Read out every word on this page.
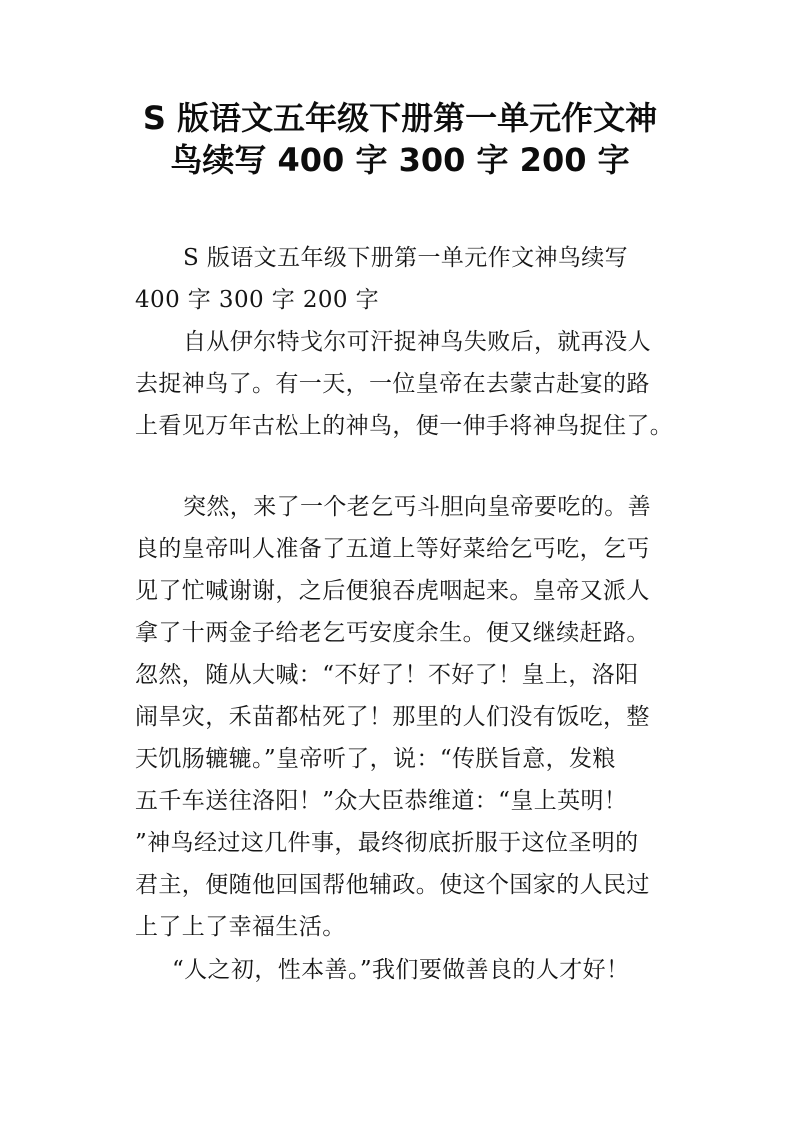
S 版语文五年级下册第一单元作文神
鸟续写 400 字 300 字 200 字
S 版语文五年级下册第一单元作文神鸟续写
400 字 300 字 200 字
自从伊尔特戈尔可汗捉神鸟失败后，就再没人
去捉神鸟了。有一天，一位皇帝在去蒙古赴宴的路
上看见万年古松上的神鸟，便一伸手将神鸟捉住了。
突然，来了一个老乞丐斗胆向皇帝要吃的。善
良的皇帝叫人准备了五道上等好菜给乞丐吃，乞丐
见了忙喊谢谢，之后便狼吞虎咽起来。皇帝又派人
拿了十两金子给老乞丐安度余生。便又继续赶路。
忽然，随从大喊：“不好了！不好了！皇上，洛阳
闹旱灾，禾苗都枯死了！那里的人们没有饭吃，整
天饥肠辘辘。”皇帝听了，说：“传朕旨意，发粮
五千车送往洛阳！”众大臣恭维道：“皇上英明！
”神鸟经过这几件事，最终彻底折服于这位圣明的
君主，便随他回国帮他辅政。使这个国家的人民过
上了上了幸福生活。
“人之初，性本善。”我们要做善良的人才好！
